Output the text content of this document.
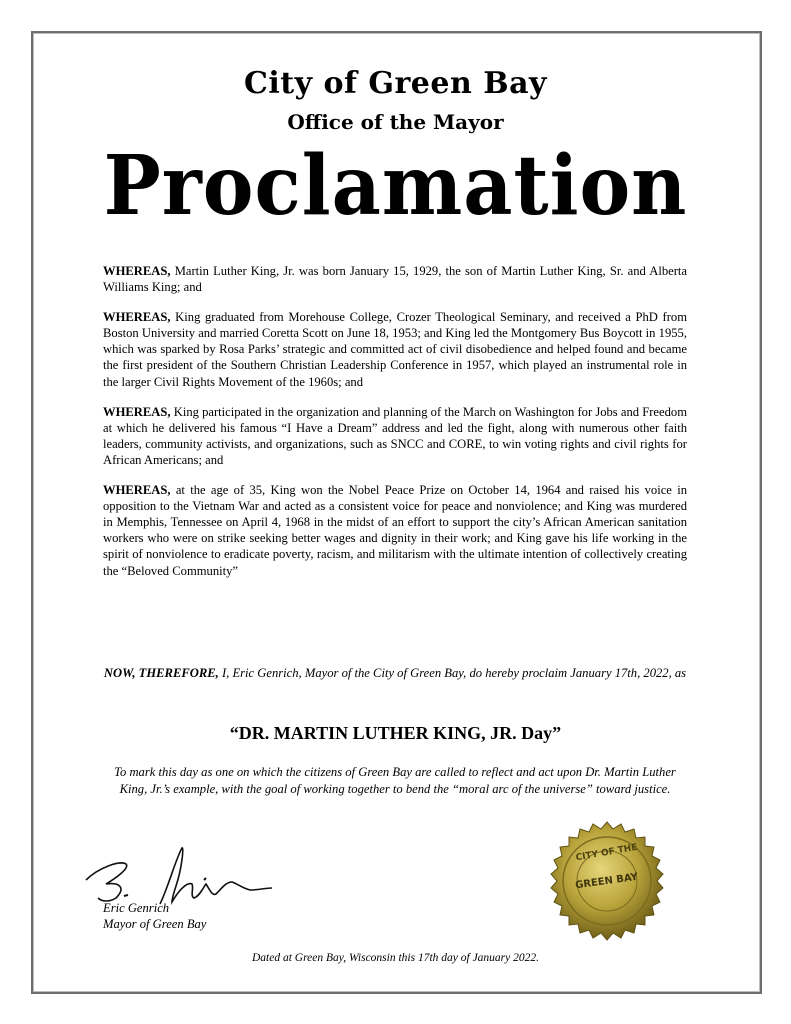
City of Green Bay
Office of the Mayor
Proclamation

WHEREAS, Martin Luther King, Jr. was born January 15, 1929, the son of Martin Luther King, Sr. and Alberta Williams King; and

WHEREAS, King graduated from Morehouse College, Crozer Theological Seminary, and received a PhD from Boston University and married Coretta Scott on June 18, 1953; and King led the Montgomery Bus Boycott in 1955, which was sparked by Rosa Parks’ strategic and committed act of civil disobedience and helped found and became the first president of the Southern Christian Leadership Conference in 1957, which played an instrumental role in the larger Civil Rights Movement of the 1960s; and

WHEREAS, King participated in the organization and planning of the March on Washington for Jobs and Freedom at which he delivered his famous “I Have a Dream” address and led the fight, along with numerous other faith leaders, community activists, and organizations, such as SNCC and CORE, to win voting rights and civil rights for African Americans; and

WHEREAS, at the age of 35, King won the Nobel Peace Prize on October 14, 1964 and raised his voice in opposition to the Vietnam War and acted as a consistent voice for peace and nonviolence; and King was murdered in Memphis, Tennessee on April 4, 1968 in the midst of an effort to support the city’s African American sanitation workers who were on strike seeking better wages and dignity in their work; and King gave his life working in the spirit of nonviolence to eradicate poverty, racism, and militarism with the ultimate intention of collectively creating the “Beloved Community”

NOW, THEREFORE, I, Eric Genrich, Mayor of the City of Green Bay, do hereby proclaim January 17th, 2022, as
“DR. MARTIN LUTHER KING, JR. Day”
To mark this day as one on which the citizens of Green Bay are called to reflect and act upon Dr. Martin Luther King, Jr.’s example, with the goal of working together to bend the “moral arc of the universe” toward justice.
Eric Genrich
Mayor of Green Bay
CITY OF THE
GREEN BAY
Dated at Green Bay, Wisconsin this 17th day of January 2022.
